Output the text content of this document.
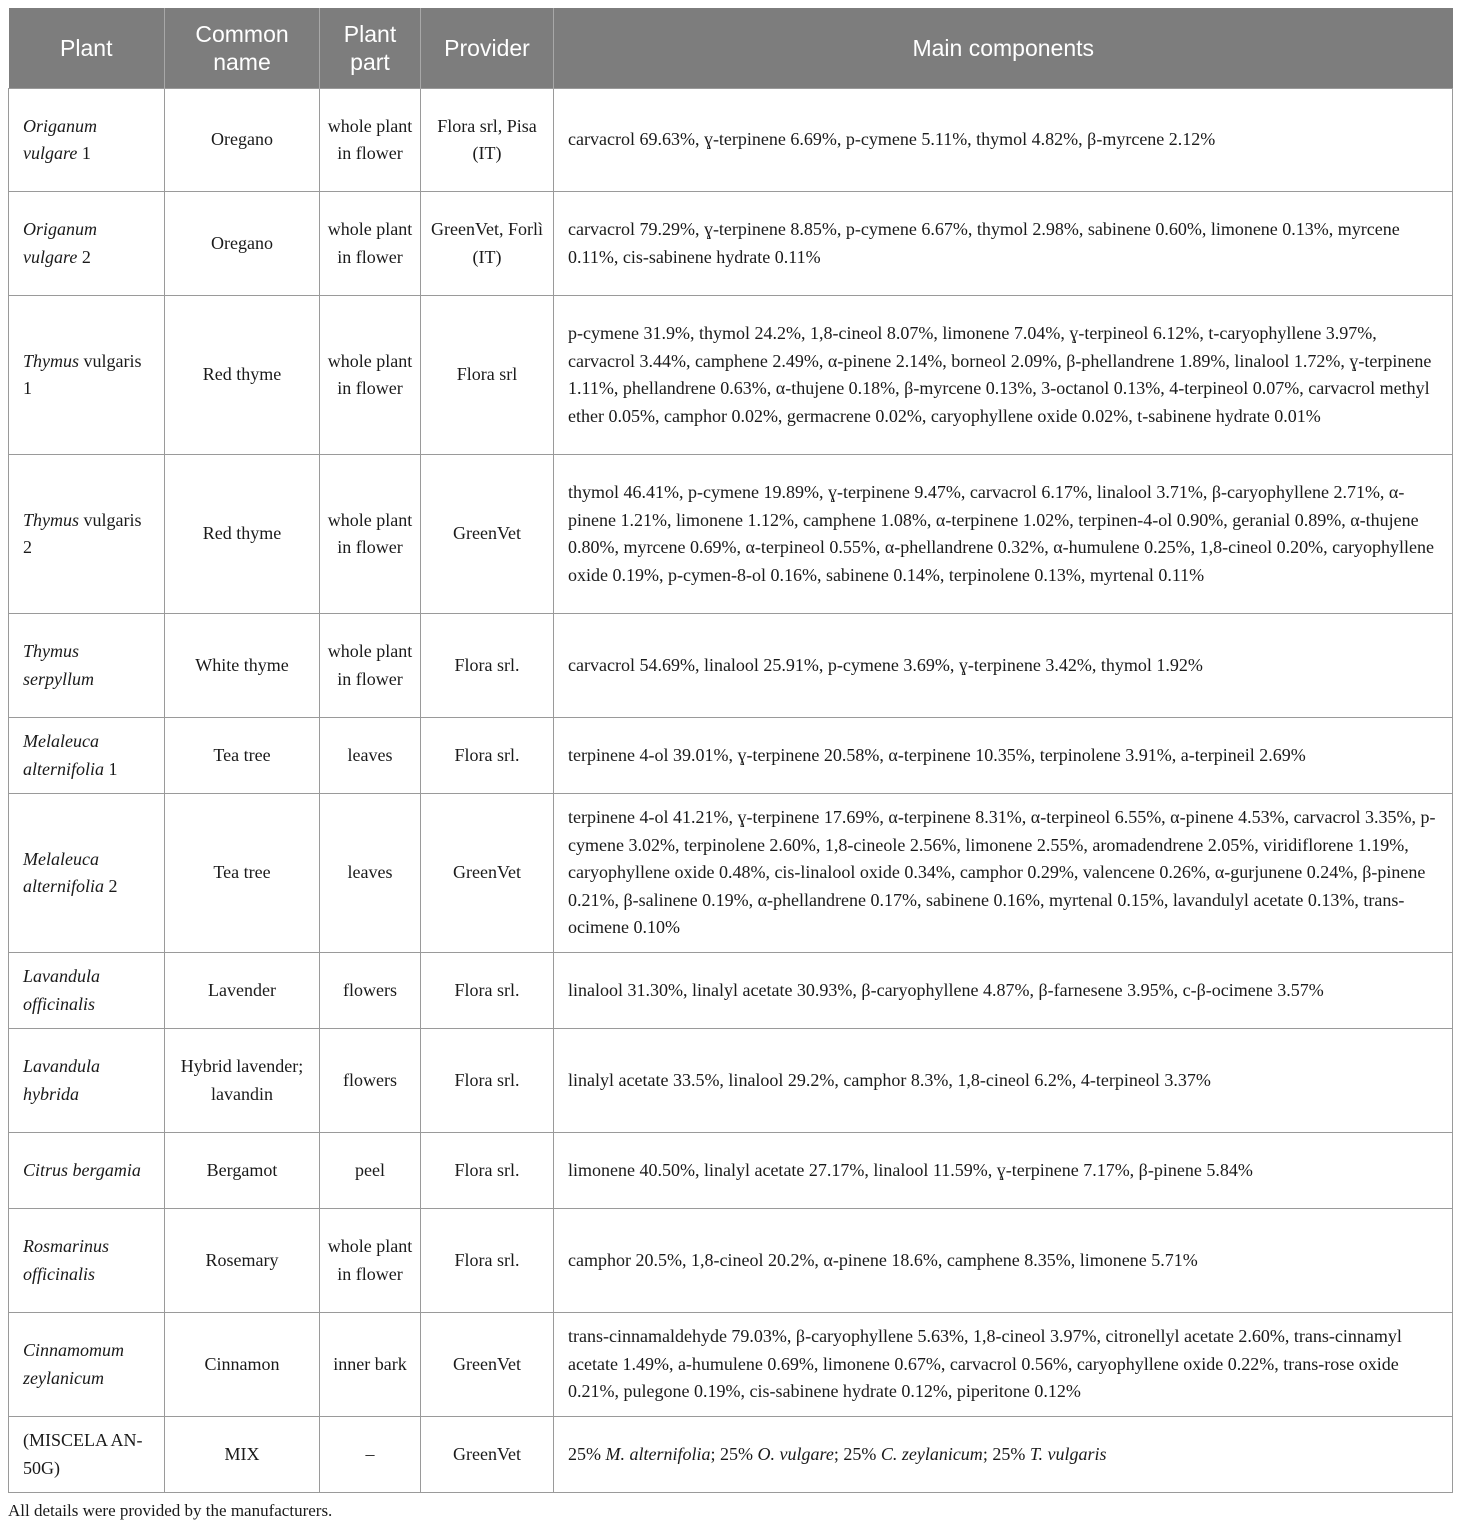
Plant	Common name	Plant part	Provider	Main components
Origanum vulgare 1	Oregano	whole plant in flower	Flora srl, Pisa (IT)	carvacrol 69.63%, ɣ-terpinene 6.69%, p-cymene 5.11%, thymol 4.82%, β-myrcene 2.12%
Origanum vulgare 2	Oregano	whole plant in flower	GreenVet, Forlì (IT)	carvacrol 79.29%, ɣ-terpinene 8.85%, p-cymene 6.67%, thymol 2.98%, sabinene 0.60%, limonene 0.13%, myrcene 0.11%, cis-sabinene hydrate 0.11%
Thymus vulgaris 1	Red thyme	whole plant in flower	Flora srl	p-cymene 31.9%, thymol 24.2%, 1,8-cineol 8.07%, limonene 7.04%, ɣ-terpineol 6.12%, t-caryophyllene 3.97%, carvacrol 3.44%, camphene 2.49%, α-pinene 2.14%, borneol 2.09%, β-phellandrene 1.89%, linalool 1.72%, ɣ-terpinene 1.11%, phellandrene 0.63%, α-thujene 0.18%, β-myrcene 0.13%, 3-octanol 0.13%, 4-terpineol 0.07%, carvacrol methyl ether 0.05%, camphor 0.02%, germacrene 0.02%, caryophyllene oxide 0.02%, t-sabinene hydrate 0.01%
Thymus vulgaris 2	Red thyme	whole plant in flower	GreenVet	thymol 46.41%, p-cymene 19.89%, ɣ-terpinene 9.47%, carvacrol 6.17%, linalool 3.71%, β-caryophyllene 2.71%, α-pinene 1.21%, limonene 1.12%, camphene 1.08%, α-terpinene 1.02%, terpinen-4-ol 0.90%, geranial 0.89%, α-thujene 0.80%, myrcene 0.69%, α-terpineol 0.55%, α-phellandrene 0.32%, α-humulene 0.25%, 1,8-cineol 0.20%, caryophyllene oxide 0.19%, p-cymen-8-ol 0.16%, sabinene 0.14%, terpinolene 0.13%, myrtenal 0.11%
Thymus serpyllum	White thyme	whole plant in flower	Flora srl.	carvacrol 54.69%, linalool 25.91%, p-cymene 3.69%, ɣ-terpinene 3.42%, thymol 1.92%
Melaleuca alternifolia 1	Tea tree	leaves	Flora srl.	terpinene 4-ol 39.01%, ɣ-terpinene 20.58%, α-terpinene 10.35%, terpinolene 3.91%, a-terpineil 2.69%
Melaleuca alternifolia 2	Tea tree	leaves	GreenVet	terpinene 4-ol 41.21%, ɣ-terpinene 17.69%, α-terpinene 8.31%, α-terpineol 6.55%, α-pinene 4.53%, carvacrol 3.35%, p-cymene 3.02%, terpinolene 2.60%, 1,8-cineole 2.56%, limonene 2.55%, aromadendrene 2.05%, viridiflorene 1.19%, caryophyllene oxide 0.48%, cis-linalool oxide 0.34%, camphor 0.29%, valencene 0.26%, α-gurjunene 0.24%, β-pinene 0.21%, β-salinene 0.19%, α-phellandrene 0.17%, sabinene 0.16%, myrtenal 0.15%, lavandulyl acetate 0.13%, trans-ocimene 0.10%
Lavandula officinalis	Lavender	flowers	Flora srl.	linalool 31.30%, linalyl acetate 30.93%, β-caryophyllene 4.87%, β-farnesene 3.95%, c-β-ocimene 3.57%
Lavandula hybrida	Hybrid lavender; lavandin	flowers	Flora srl.	linalyl acetate 33.5%, linalool 29.2%, camphor 8.3%, 1,8-cineol 6.2%, 4-terpineol 3.37%
Citrus bergamia	Bergamot	peel	Flora srl.	limonene 40.50%, linalyl acetate 27.17%, linalool 11.59%, ɣ-terpinene 7.17%, β-pinene 5.84%
Rosmarinus officinalis	Rosemary	whole plant in flower	Flora srl.	camphor 20.5%, 1,8-cineol 20.2%, α-pinene 18.6%, camphene 8.35%, limonene 5.71%
Cinnamomum zeylanicum	Cinnamon	inner bark	GreenVet	trans-cinnamaldehyde 79.03%, β-caryophyllene 5.63%, 1,8-cineol 3.97%, citronellyl acetate 2.60%, trans-cinnamyl acetate 1.49%, a-humulene 0.69%, limonene 0.67%, carvacrol 0.56%, caryophyllene oxide 0.22%, trans-rose oxide 0.21%, pulegone 0.19%, cis-sabinene hydrate 0.12%, piperitone 0.12%
(MISCELA AN-50G)	MIX	–	GreenVet	25% M. alternifolia; 25% O. vulgare; 25% C. zeylanicum; 25% T. vulgaris
All details were provided by the manufacturers.
